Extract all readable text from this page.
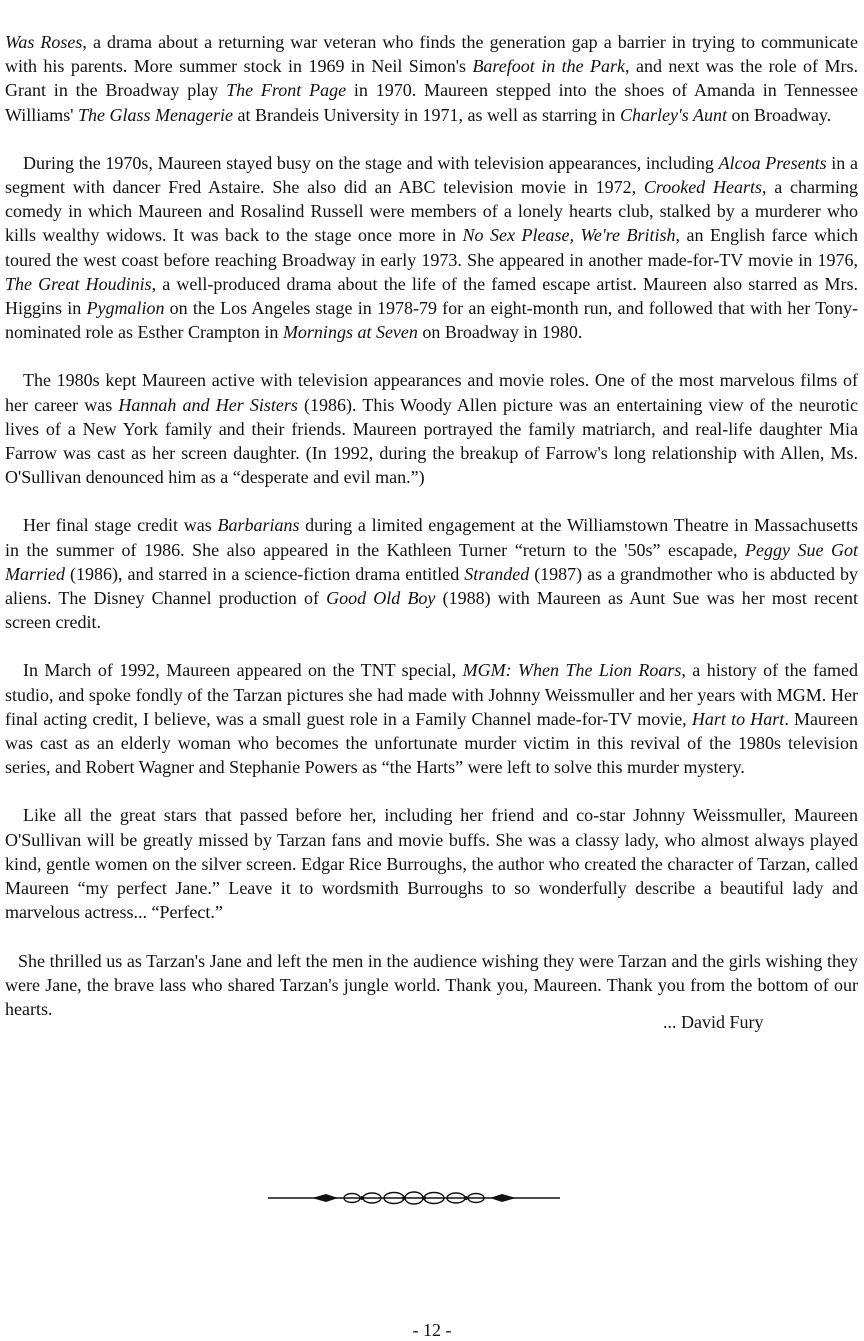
Was Roses, a drama about a returning war veteran who finds the generation gap a barrier in trying to communicate with his parents. More summer stock in 1969 in Neil Simon's Barefoot in the Park, and next was the role of Mrs. Grant in the Broadway play The Front Page in 1970. Maureen stepped into the shoes of Amanda in Tennessee Williams' The Glass Menagerie at Brandeis University in 1971, as well as starring in Charley's Aunt on Broadway.

During the 1970s, Maureen stayed busy on the stage and with television appearances, including Alcoa Presents in a segment with dancer Fred Astaire. She also did an ABC television movie in 1972, Crooked Hearts, a charming comedy in which Maureen and Rosalind Russell were members of a lonely hearts club, stalked by a murderer who kills wealthy widows. It was back to the stage once more in No Sex Please, We're British, an English farce which toured the west coast before reaching Broadway in early 1973. She appeared in another made-for-TV movie in 1976, The Great Houdinis, a well-produced drama about the life of the famed escape artist. Maureen also starred as Mrs. Higgins in Pygmalion on the Los Angeles stage in 1978-79 for an eight-month run, and followed that with her Tony-nominated role as Esther Crampton in Mornings at Seven on Broadway in 1980.

The 1980s kept Maureen active with television appearances and movie roles. One of the most marvelous films of her career was Hannah and Her Sisters (1986). This Woody Allen picture was an entertaining view of the neurotic lives of a New York family and their friends. Maureen portrayed the family matriarch, and real-life daughter Mia Farrow was cast as her screen daughter. (In 1992, during the breakup of Farrow's long relationship with Allen, Ms. O'Sullivan denounced him as a “desperate and evil man.”)

Her final stage credit was Barbarians during a limited engagement at the Williamstown Theatre in Massachusetts in the summer of 1986. She also appeared in the Kathleen Turner “return to the '50s” escapade, Peggy Sue Got Married (1986), and starred in a science-fiction drama entitled Stranded (1987) as a grandmother who is abducted by aliens. The Disney Channel production of Good Old Boy (1988) with Maureen as Aunt Sue was her most recent screen credit.

In March of 1992, Maureen appeared on the TNT special, MGM: When The Lion Roars, a history of the famed studio, and spoke fondly of the Tarzan pictures she had made with Johnny Weissmuller and her years with MGM. Her final acting credit, I believe, was a small guest role in a Family Channel made-for-TV movie, Hart to Hart. Maureen was cast as an elderly woman who becomes the unfortunate murder victim in this revival of the 1980s television series, and Robert Wagner and Stephanie Powers as “the Harts” were left to solve this murder mystery.

Like all the great stars that passed before her, including her friend and co-star Johnny Weissmuller, Maureen O'Sullivan will be greatly missed by Tarzan fans and movie buffs. She was a classy lady, who almost always played kind, gentle women on the silver screen. Edgar Rice Burroughs, the author who created the character of Tarzan, called Maureen “my perfect Jane.” Leave it to wordsmith Burroughs to so wonderfully describe a beautiful lady and marvelous actress... “Perfect.”

She thrilled us as Tarzan's Jane and left the men in the audience wishing they were Tarzan and the girls wishing they were Jane, the brave lass who shared Tarzan's jungle world. Thank you, Maureen. Thank you from the bottom of our hearts.

... David Fury
- 12 -
